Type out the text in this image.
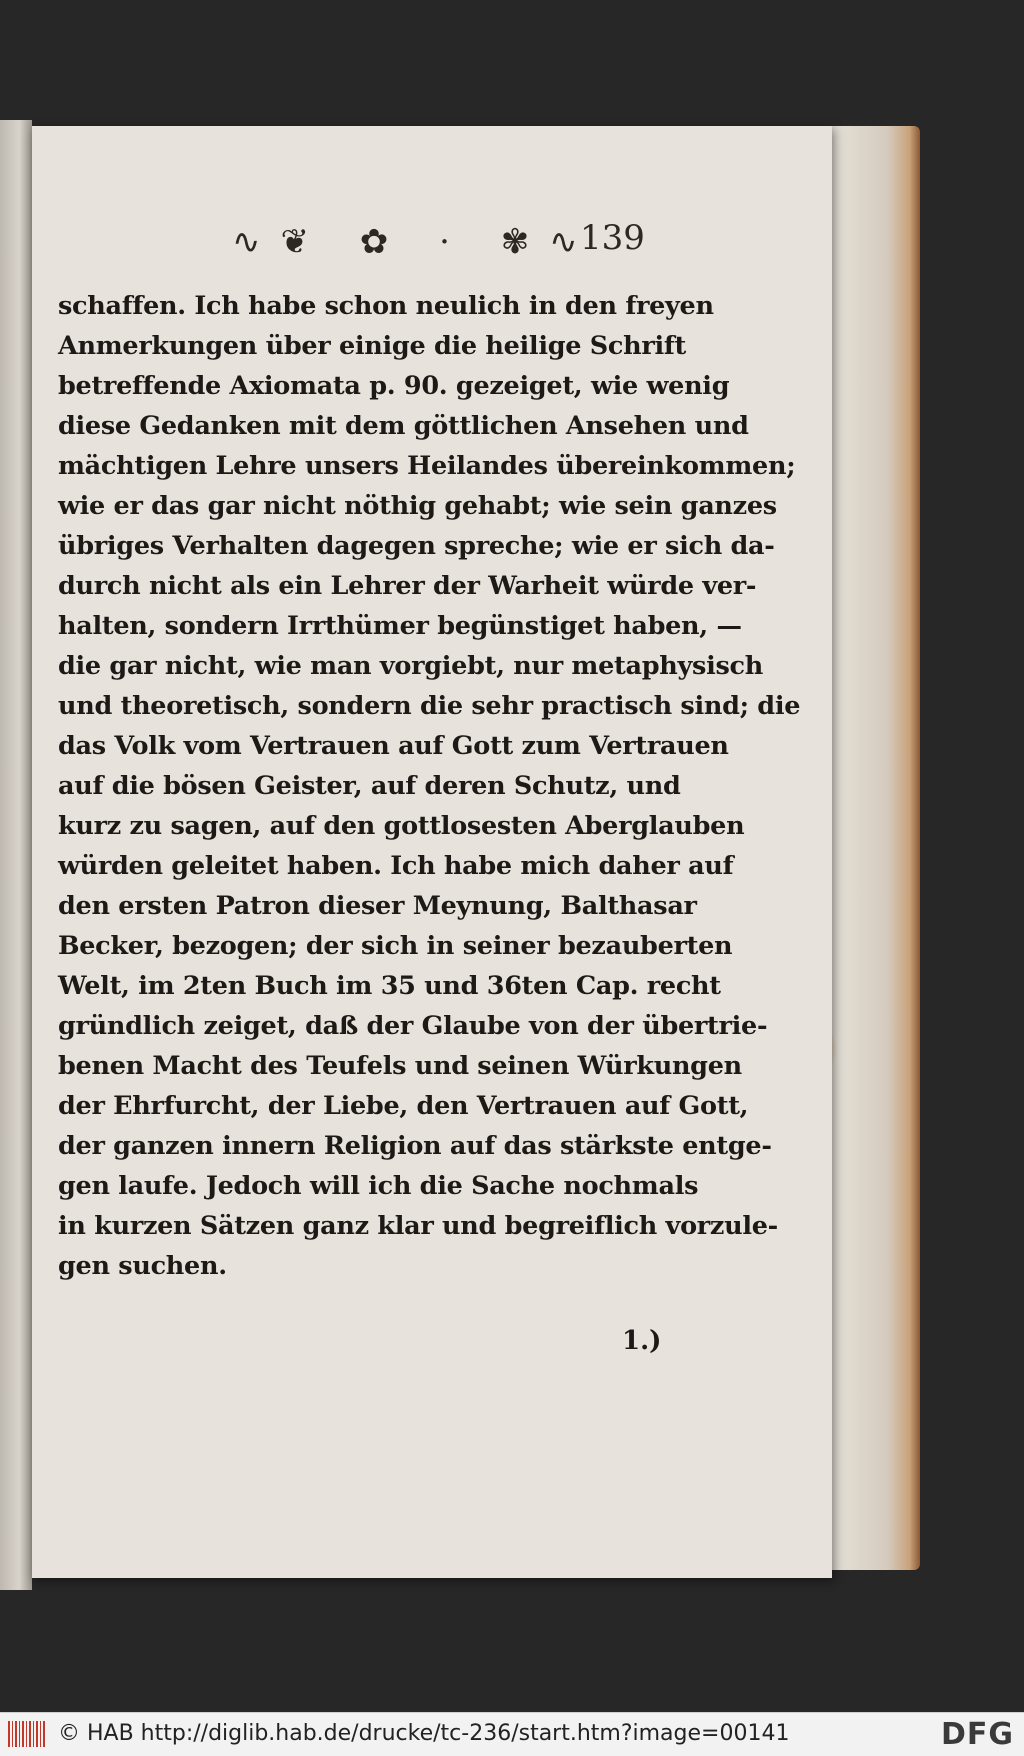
∿❦ ✿ · ✾∿
139
schaffen. Ich habe schon neulich in den freyen
Anmerkungen über einige die heilige Schrift
betreffende Axiomata p. 90. gezeiget, wie wenig
diese Gedanken mit dem göttlichen Ansehen und
mächtigen Lehre unsers Heilandes übereinkommen;
wie er das gar nicht nöthig gehabt; wie sein ganzes
übriges Verhalten dagegen spreche; wie er sich da-
durch nicht als ein Lehrer der Warheit würde ver-
halten, sondern Irrthümer begünstiget haben, —
die gar nicht, wie man vorgiebt, nur metaphysisch
und theoretisch, sondern die sehr practisch sind; die
das Volk vom Vertrauen auf Gott zum Vertrauen
auf die bösen Geister, auf deren Schutz, und
kurz zu sagen, auf den gottlosesten Aberglauben
würden geleitet haben. Ich habe mich daher auf
den ersten Patron dieser Meynung, Balthasar
Becker, bezogen; der sich in seiner bezauberten
Welt, im 2ten Buch im 35 und 36ten Cap. recht
gründlich zeiget, daß der Glaube von der übertrie-
benen Macht des Teufels und seinen Würkungen
der Ehrfurcht, der Liebe, den Vertrauen auf Gott,
der ganzen innern Religion auf das stärkste entge-
gen laufe. Jedoch will ich die Sache nochmals
in kurzen Sätzen ganz klar und begreiflich vorzule-
gen suchen.
1.)
© HAB http://diglib.hab.de/drucke/tc-236/start.htm?image=00141	DFG
